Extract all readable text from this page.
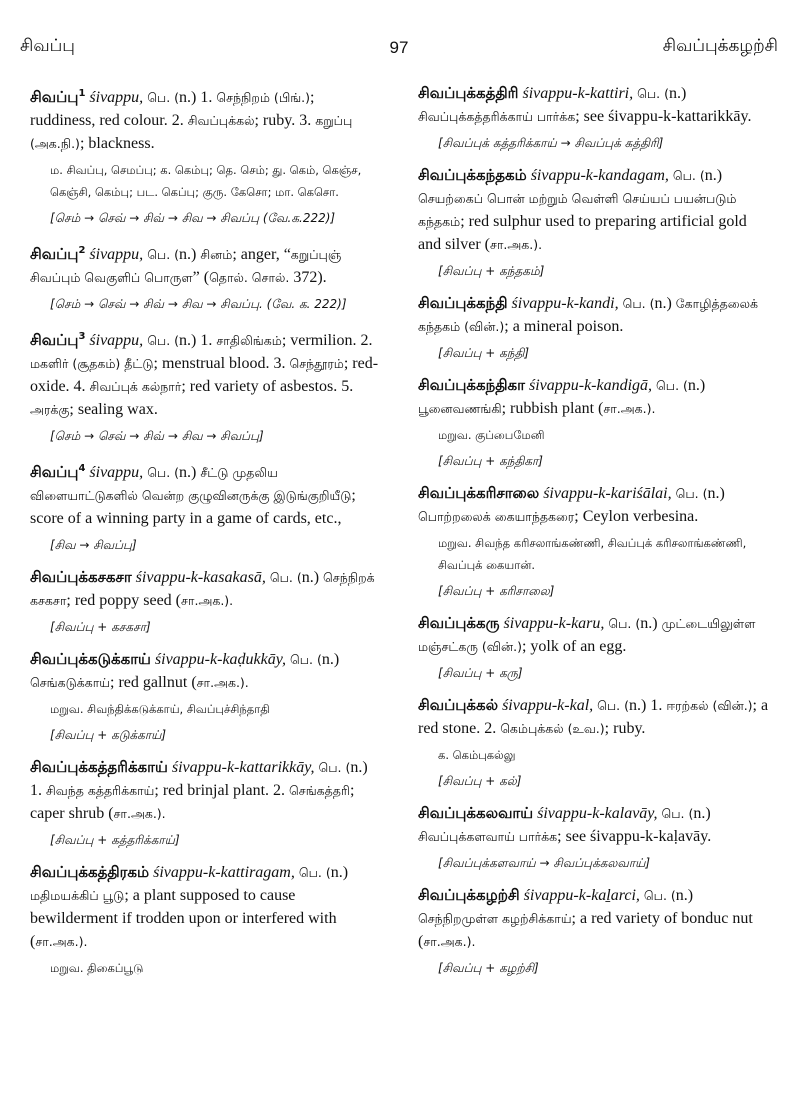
சிவப்பு	97	சிவப்புக்கழற்சி
சிவப்பு$^1$ śivappu, பெ. (n.) 1. செந்நிறம் (பிங்.); ruddiness, red colour. 2. சிவப்புக்கல்; ruby. 3. கறுப்பு (அக.நி.); blackness.
ம. சிவப்பு, செமப்பு; க. கெம்பு; தெ. செம்; து. கெம், கெஞ்ச, கெஞ்சி, கெம்பு; பட. கெப்பு; குரு. கேசொ; மா. கெசொ.
[செம் → செவ் → சிவ் → சிவ → சிவப்பு (வே.க.222)]
சிவப்பு$^2$ śivappu, பெ. (n.) சினம்; anger, “கறுப்புஞ் சிவப்பும் வெகுளிப் பொருள” (தொல். சொல். 372).
[செம் → செவ் → சிவ் → சிவ → சிவப்பு. (வே. க. 222)]
சிவப்பு$^3$ śivappu, பெ. (n.) 1. சாதிலிங்கம்; vermilion. 2. மகளிர் (சூதகம்) தீட்டு; menstrual blood. 3. செந்தூரம்; red-oxide. 4. சிவப்புக் கல்நார்; red variety of asbestos. 5. அரக்கு; sealing wax.
[செம் → செவ் → சிவ் → சிவ → சிவப்பு]
சிவப்பு$^4$ śivappu, பெ. (n.) சீட்டு முதலிய விளையாட்டுகளில் வென்ற குழுவினருக்கு இடுங்குறியீடு; score of a winning party in a game of cards, etc.,
[சிவ → சிவப்பு]
சிவப்புக்கசகசா śivappu-k-kasakasā, பெ. (n.) செந்நிறக் கசகசா; red poppy seed (சா.அக.).
[சிவப்பு + கசகசா]
சிவப்புக்கடுக்காய் śivappu-k-kaḍukkāy, பெ. (n.) செங்கடுக்காய்; red gallnut (சா.அக.).
மறுவ. சிவந்திக்கடுக்காய், சிவப்புச்சிந்தாதி
[சிவப்பு + கடுக்காய்]
சிவப்புக்கத்தரிக்காய் śivappu-k-kattarikkāy, பெ. (n.) 1. சிவந்த கத்தரிக்காய்; red brinjal plant. 2. செங்கத்தரி; caper shrub (சா.அக.).
[சிவப்பு + கத்தரிக்காய்]
சிவப்புக்கத்திரகம் śivappu-k-kattiragam, பெ. (n.) மதிமயக்கிப் பூடு; a plant supposed to cause bewilderment if trodden upon or interfered with (சா.அக.).
மறுவ. திகைப்பூடு
சிவப்புக்கத்திரி śivappu-k-kattiri, பெ. (n.) சிவப்புக்கத்தரிக்காய் பார்க்க; see śivappu-k-kattarikkāy.
[சிவப்புக் கத்தரிக்காய் → சிவப்புக் கத்திரி]
சிவப்புக்கந்தகம் śivappu-k-kandagam, பெ. (n.) செயற்கைப் பொன் மற்றும் வெள்ளி செய்யப் பயன்படும் கந்தகம்; red sulphur used to preparing artificial gold and silver (சா.அக.).
[சிவப்பு + கந்தகம்]
சிவப்புக்கந்தி śivappu-k-kandi, பெ. (n.) கோழித்தலைக் கந்தகம் (வின்.); a mineral poison.
[சிவப்பு + கந்தி]
சிவப்புக்கந்திகா śivappu-k-kandigā, பெ. (n.) பூனைவணங்கி; rubbish plant (சா.அக.).
மறுவ. குப்பைமேனி
[சிவப்பு + கந்திகா]
சிவப்புக்கரிசாலை śivappu-k-kariśālai, பெ. (n.) பொற்றலைக் கையாந்தகரை; Ceylon verbesina.
மறுவ. சிவந்த கரிசலாங்கண்ணி, சிவப்புக் கரிசலாங்கண்ணி, சிவப்புக் கையான்.
[சிவப்பு + கரிசாலை]
சிவப்புக்கரு śivappu-k-karu, பெ. (n.) முட்டையிலுள்ள மஞ்சட்கரு (வின்.); yolk of an egg.
[சிவப்பு + கரு]
சிவப்புக்கல் śivappu-k-kal, பெ. (n.) 1. ஈரற்கல் (வின்.); a red stone. 2. கெம்புக்கல் (உவ.); ruby.
க. கெம்புகல்லு
[சிவப்பு + கல்]
சிவப்புக்கலவாய் śivappu-k-kalavāy, பெ. (n.) சிவப்புக்களவாய் பார்க்க; see śivappu-k-kaḷavāy.
[சிவப்புக்களவாய் → சிவப்புக்கலவாய்]
சிவப்புக்கழற்சி śivappu-k-kaḻarci, பெ. (n.) செந்நிறமுள்ள கழற்சிக்காய்; a red variety of bonduc nut (சா.அக.).
[சிவப்பு + கழற்சி]
